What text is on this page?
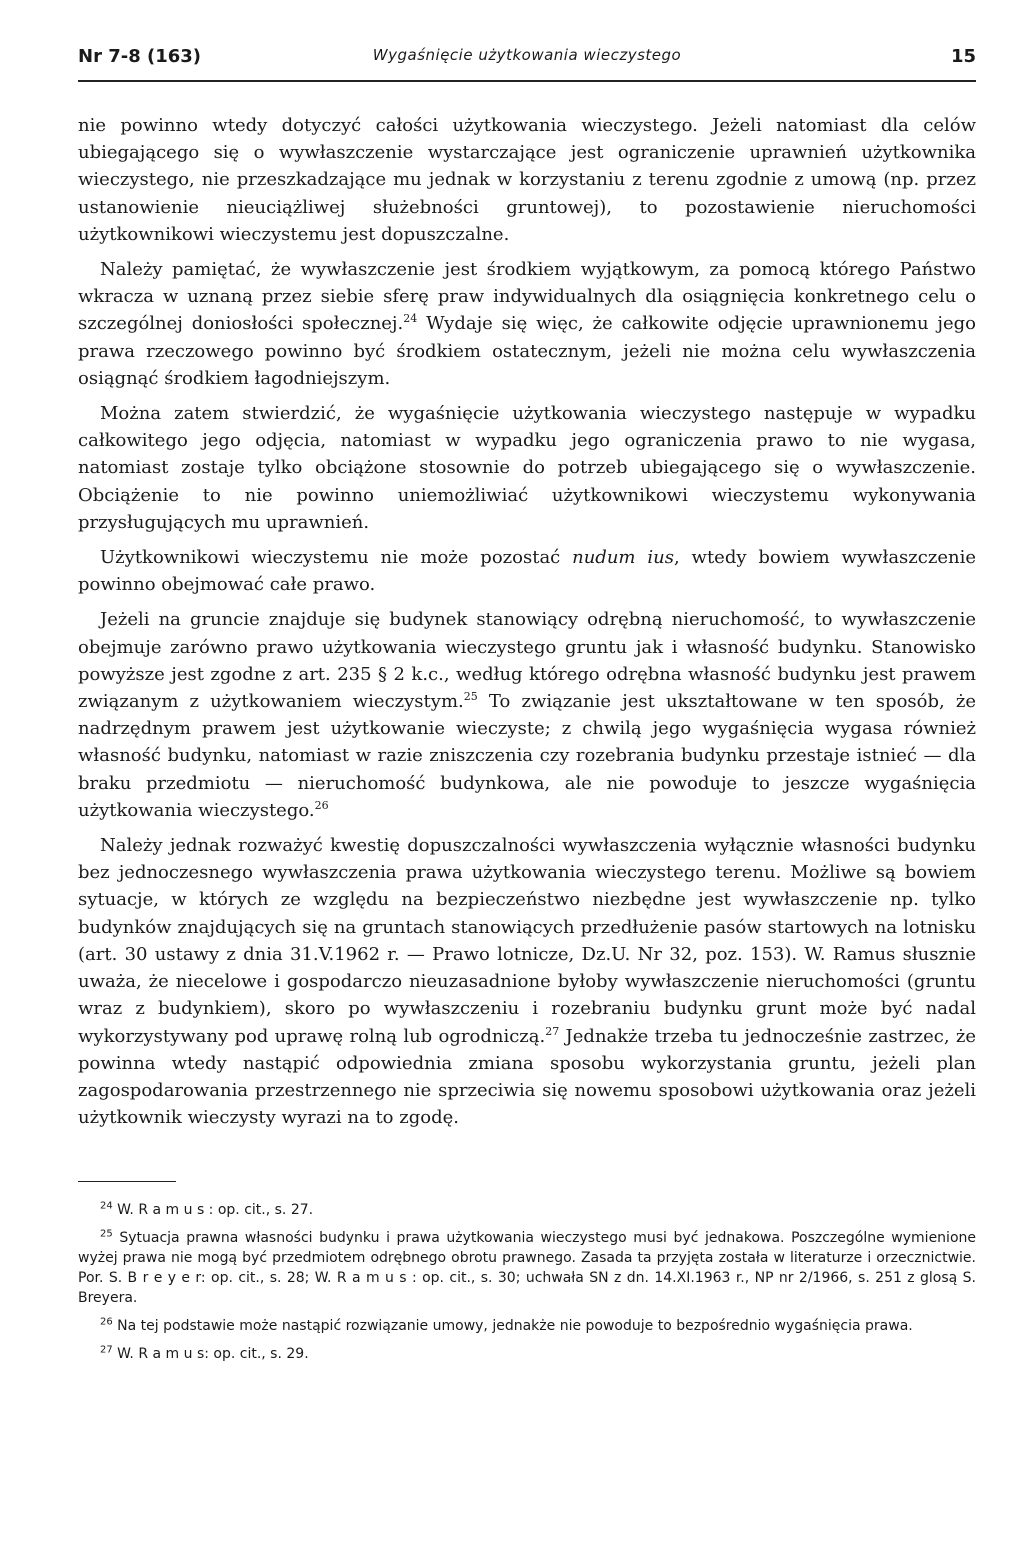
Nr 7-8 (163)	Wygaśnięcie użytkowania wieczystego	15

nie powinno wtedy dotyczyć całości użytkowania wieczystego. Jeżeli natomiast dla celów ubiegającego się o wywłaszczenie wystarczające jest ograniczenie uprawnień użytkownika wieczystego, nie przeszkadzające mu jednak w korzystaniu z terenu zgodnie z umową (np. przez ustanowienie nieuciążliwej służebności gruntowej), to pozostawienie nieruchomości użytkownikowi wieczystemu jest dopuszczalne.

Należy pamiętać, że wywłaszczenie jest środkiem wyjątkowym, za pomocą którego Państwo wkracza w uznaną przez siebie sferę praw indywidualnych dla osiągnięcia konkretnego celu o szczególnej doniosłości społecznej.$^{24}$ Wydaje się więc, że całkowite odjęcie uprawnionemu jego prawa rzeczowego powinno być środkiem ostatecznym, jeżeli nie można celu wywłaszczenia osiągnąć środkiem łagodniejszym.

Można zatem stwierdzić, że wygaśnięcie użytkowania wieczystego następuje w wypadku całkowitego jego odjęcia, natomiast w wypadku jego ograniczenia prawo to nie wygasa, natomiast zostaje tylko obciążone stosownie do potrzeb ubiegającego się o wywłaszczenie. Obciążenie to nie powinno uniemożliwiać użytkownikowi wieczystemu wykonywania przysługujących mu uprawnień.

Użytkownikowi wieczystemu nie może pozostać nudum ius, wtedy bowiem wywłaszczenie powinno obejmować całe prawo.

Jeżeli na gruncie znajduje się budynek stanowiący odrębną nieruchomość, to wywłaszczenie obejmuje zarówno prawo użytkowania wieczystego gruntu jak i własność budynku. Stanowisko powyższe jest zgodne z art. 235 § 2 k.c., według którego odrębna własność budynku jest prawem związanym z użytkowaniem wieczystym.$^{25}$ To związanie jest ukształtowane w ten sposób, że nadrzędnym prawem jest użytkowanie wieczyste; z chwilą jego wygaśnięcia wygasa również własność budynku, natomiast w razie zniszczenia czy rozebrania budynku przestaje istnieć — dla braku przedmiotu — nieruchomość budynkowa, ale nie powoduje to jeszcze wygaśnięcia użytkowania wieczystego.$^{26}$

Należy jednak rozważyć kwestię dopuszczalności wywłaszczenia wyłącznie własności budynku bez jednoczesnego wywłaszczenia prawa użytkowania wieczystego terenu. Możliwe są bowiem sytuacje, w których ze względu na bezpieczeństwo niezbędne jest wywłaszczenie np. tylko budynków znajdujących się na gruntach stanowiących przedłużenie pasów startowych na lotnisku (art. 30 ustawy z dnia 31.V.1962 r. — Prawo lotnicze, Dz.U. Nr 32, poz. 153). W. Ramus słusznie uważa, że niecelowe i gospodarczo nieuzasadnione byłoby wywłaszczenie nieruchomości (gruntu wraz z budynkiem), skoro po wywłaszczeniu i rozebraniu budynku grunt może być nadal wykorzystywany pod uprawę rolną lub ogrodniczą.$^{27}$ Jednakże trzeba tu jednocześnie zastrzec, że powinna wtedy nastąpić odpowiednia zmiana sposobu wykorzystania gruntu, jeżeli plan zagospodarowania przestrzennego nie sprzeciwia się nowemu sposobowi użytkowania oraz jeżeli użytkownik wieczysty wyrazi na to zgodę.

$^{24}$ W. R a m u s : op. cit., s. 27.

$^{25}$ Sytuacja prawna własności budynku i prawa użytkowania wieczystego musi być jednakowa. Poszczególne wymienione wyżej prawa nie mogą być przedmiotem odrębnego obrotu prawnego. Zasada ta przyjęta została w literaturze i orzecznictwie. Por. S. B r e y e r: op. cit., s. 28; W. R a m u s : op. cit., s. 30; uchwała SN z dn. 14.XI.1963 r., NP nr 2/1966, s. 251 z glosą S. Breyera.

$^{26}$ Na tej podstawie może nastąpić rozwiązanie umowy, jednakże nie powoduje to bezpośrednio wygaśnięcia prawa.

$^{27}$ W. R a m u s: op. cit., s. 29.
